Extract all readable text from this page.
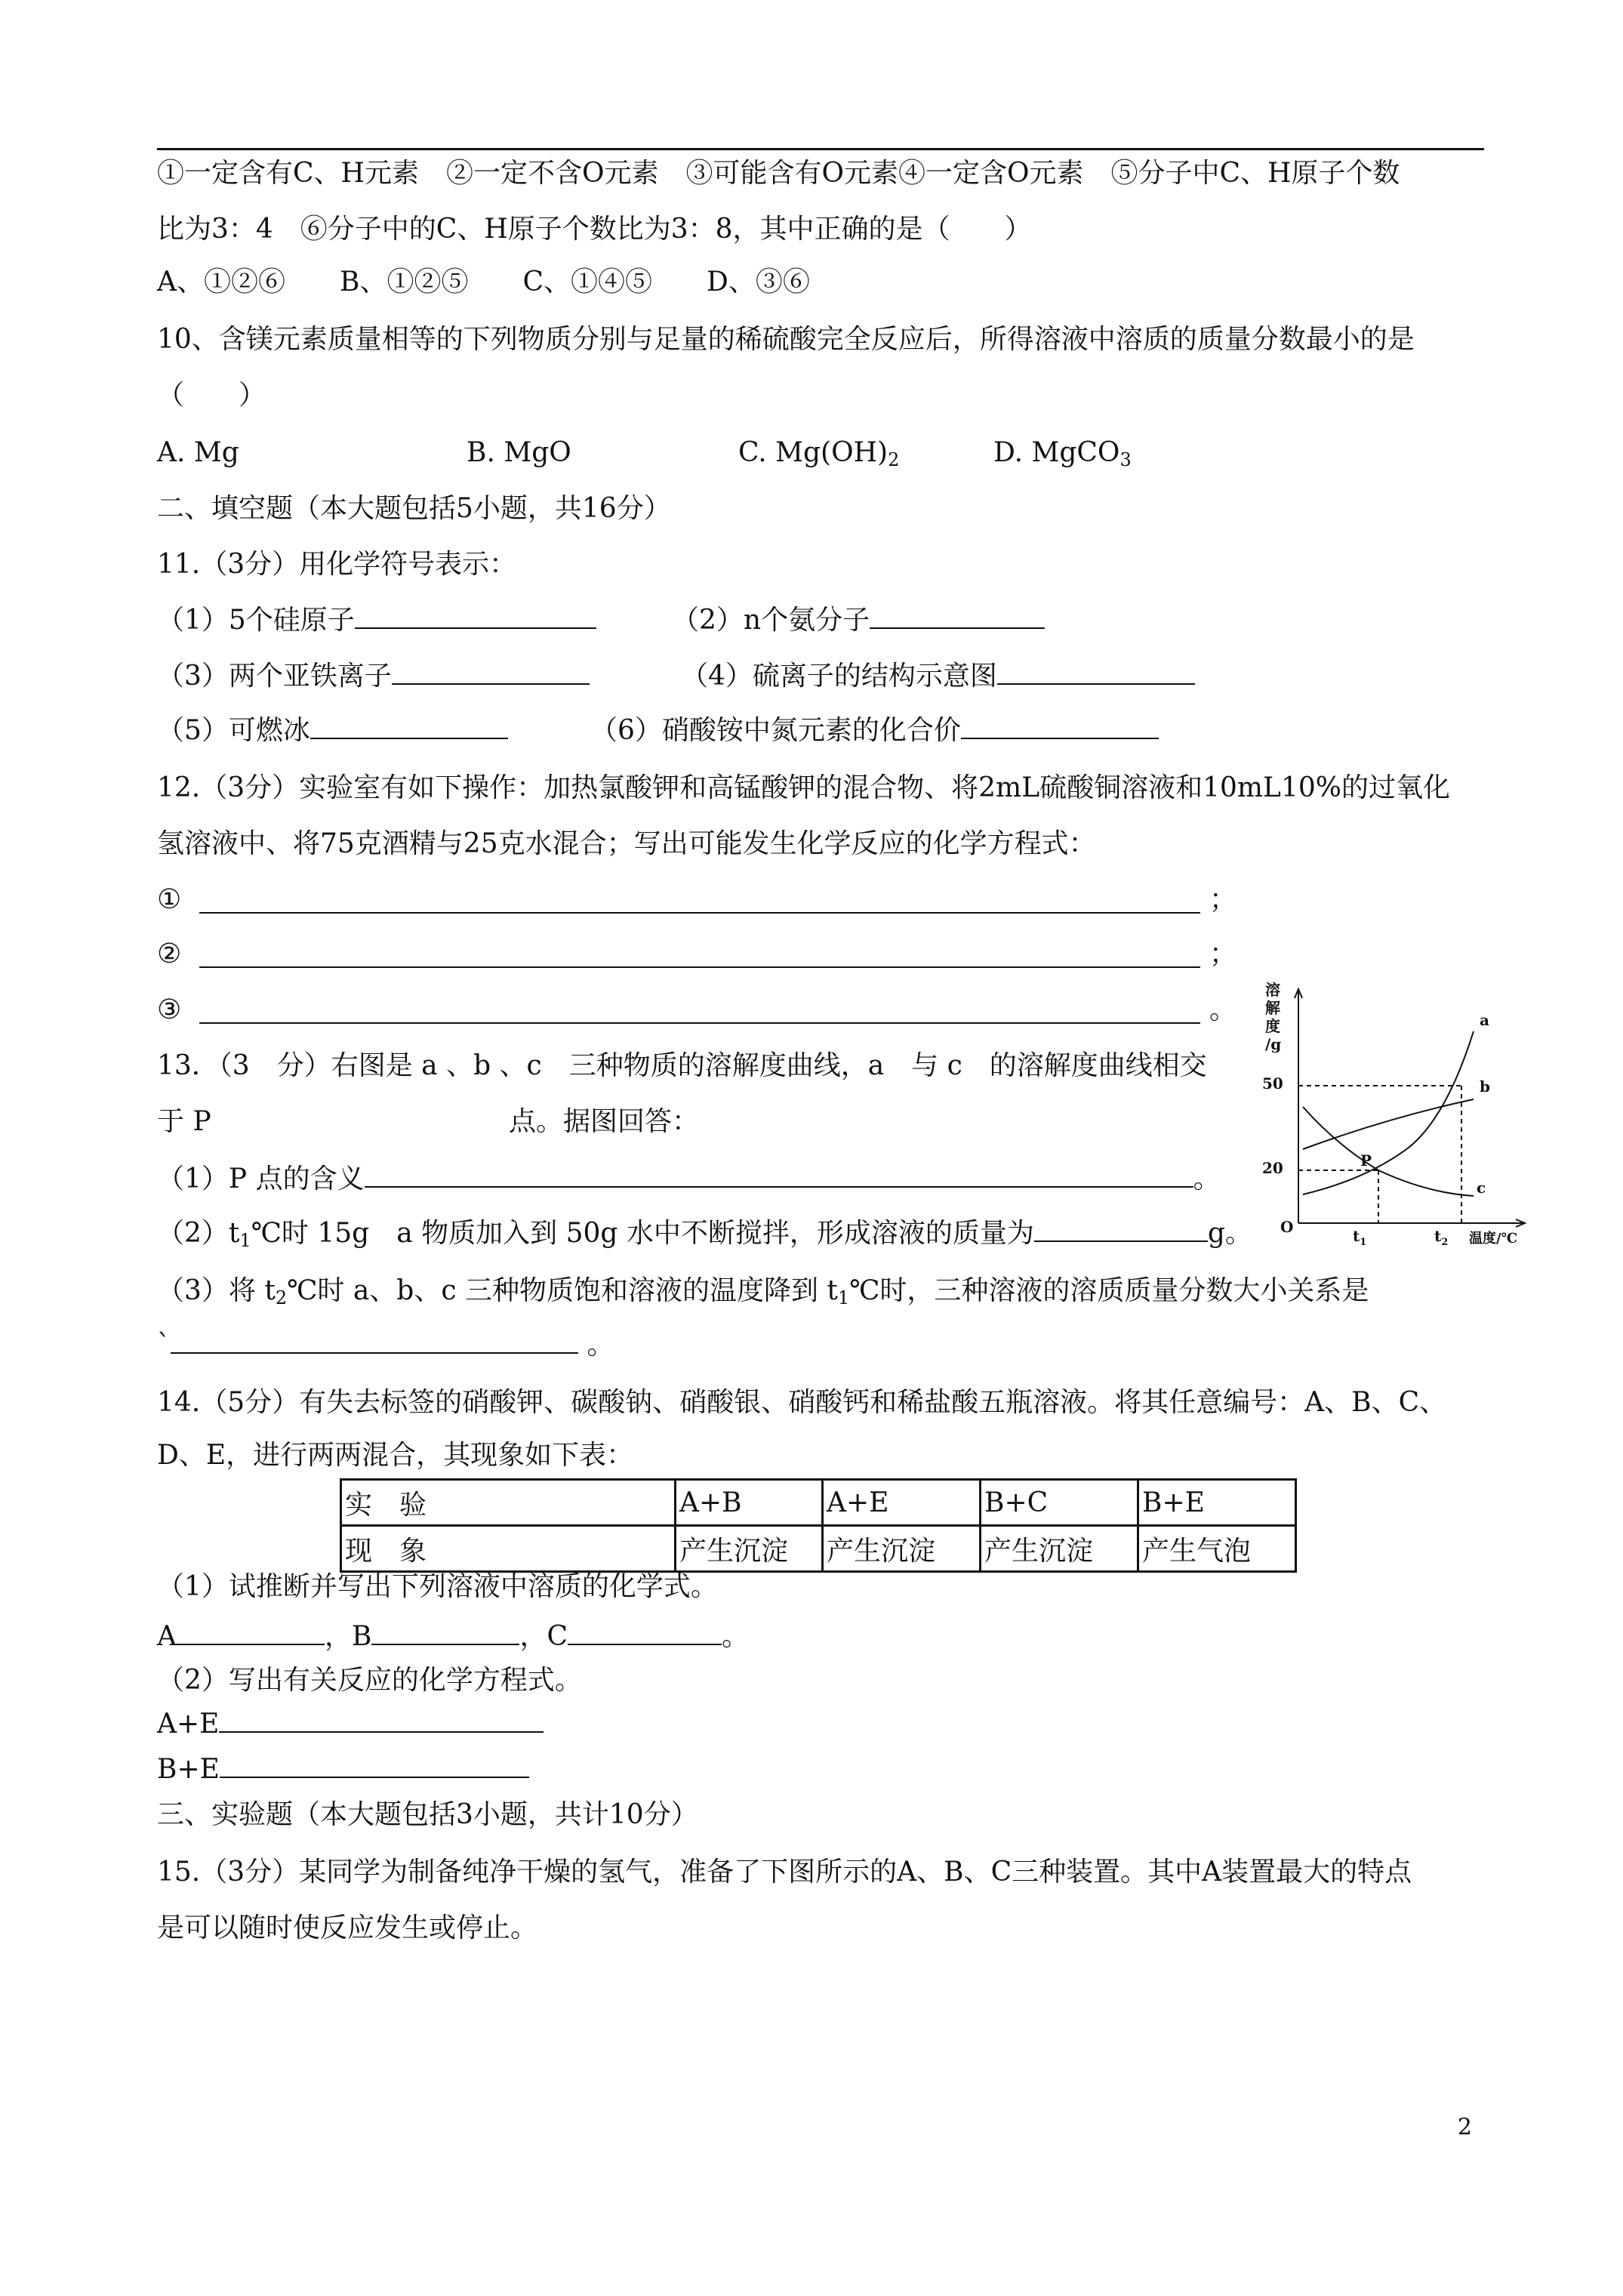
①一定含有C、H元素　②一定不含O元素　③可能含有O元素④一定含O元素　⑤分子中C、H原子个数
比为3：4　⑥分子中的C、H原子个数比为3：8，其中正确的是（　　）
A、①②⑥　　B、①②⑤　　C、①④⑤　　D、③⑥
10、含镁元素质量相等的下列物质分别与足量的稀硫酸完全反应后，所得溶液中溶质的质量分数最小的是
（　　）
A. Mg	B. MgO	C. $Mg(OH)_2$	D. MgCO$_3$
二、填空题（本大题包括5小题，共16分）
11.（3分）用化学符号表示：
（1）5个硅原子	（2）n个氨分子
（3）两个亚铁离子	（4）硫离子的结构示意图
（5）可燃冰	（6）硝酸铵中氮元素的化合价
12.（3分）实验室有如下操作：加热氯酸钾和高锰酸钾的混合物、将2mL硫酸铜溶液和10mL10%的过氧化
氢溶液中、将75克酒精与25克水混合；写出可能发生化学反应的化学方程式：
①	；
②	；
③	。
13．（3　分）右图是 a 、b 、c　三种物质的溶解度曲线，a　与 c　的溶解度曲线相交
于 P	点。据图回答：
（1）P 点的含义	。
$(2)t_1℃$时 15g　a 物质加入到 50g 水中不断搅拌，形成溶液的质量为	g。
（3）将 $t_2℃$时 a、b、c 三种物质饱和溶液的温度降到 $t_1℃$时，三种溶液的溶质质量分数大小关系是
`	。
溶
解
度
/g
50
20
O	$t_1$	$t_2$ 温度/℃
a
b
c
P
14.（5分）有失去标签的硝酸钾、碳酸钠、硝酸银、硝酸钙和稀盐酸五瓶溶液。将其任意编号：A、B、C、
D、E，进行两两混合，其现象如下表：
实　验	A+B	A+E	B+C	B+E
现　象	产生沉淀	产生沉淀	产生沉淀	产生气泡
（1）试推断并写出下列溶液中溶质的化学式。
A	，B	，C	。
（2）写出有关反应的化学方程式。
A+E
B+E
三、实验题（本大题包括3小题，共计10分）
15.（3分）某同学为制备纯净干燥的氢气，准备了下图所示的A、B、C三种装置。其中A装置最大的特点
是可以随时使反应发生或停止。
2
